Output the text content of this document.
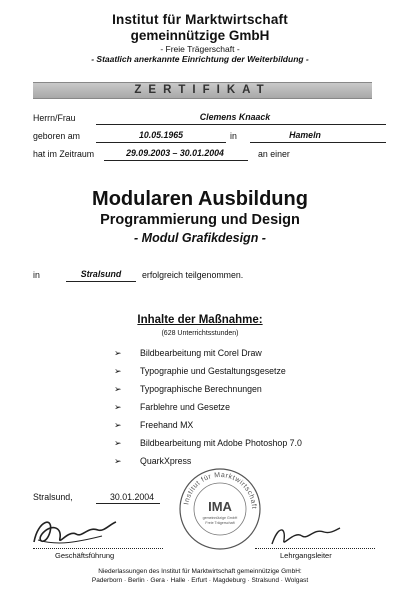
Institut für Marktwirtschaft
gemeinnützige GmbH
- Freie Trägerschaft -
- Staatlich anerkannte Einrichtung der Weiterbildung -
ZERTIFIKAT
Herrn/Frau	Clemens Knaack
geboren am	10.05.1965	in	Hameln
hat im Zeitraum	29.09.2003 – 30.01.2004	an einer
Modularen Ausbildung
Programmierung und Design
- Modul Grafikdesign -
in	Stralsund	erfolgreich teilgenommen.
Inhalte der Maßnahme:
(628 Unterrichtsstunden)
➢ Bildbearbeitung mit Corel Draw
➢ Typographie und Gestaltungsgesetze
➢ Typographische Berechnungen
➢ Farblehre und Gesetze
➢ Freehand MX
➢ Bildbearbeitung mit Adobe Photoshop 7.0
➢ QuarkXpress
Stralsund,	30.01.2004
Institut für Marktwirtschaft
IMA
gemeinnützige GmbH
Freie Trägerschaft
Geschäftsführung	Lehrgangsleiter
Niederlassungen des Institut für Marktwirtschaft gemeinnützige GmbH:
Paderborn · Berlin · Gera · Halle · Erfurt · Magdeburg · Stralsund · Wolgast
